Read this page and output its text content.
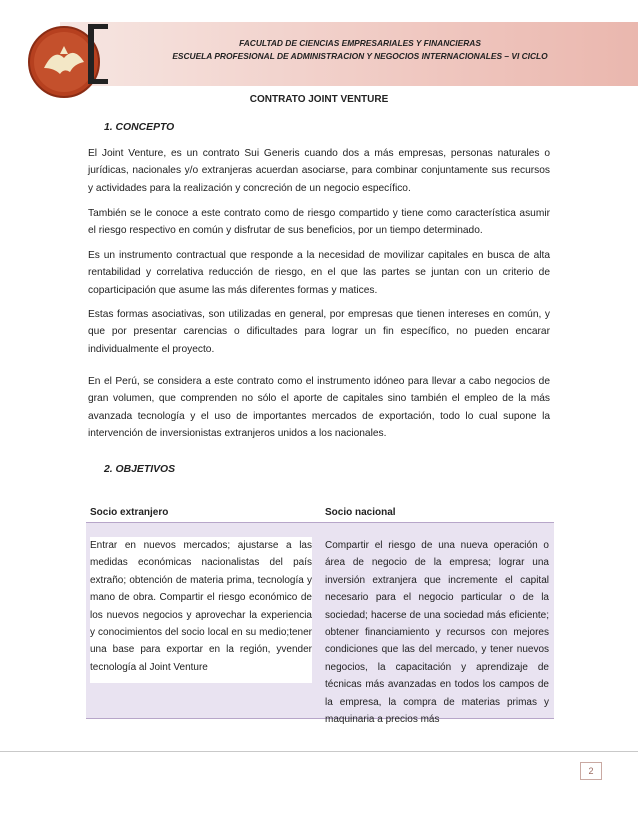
FACULTAD DE CIENCIAS EMPRESARIALES Y FINANCIERAS
ESCUELA PROFESIONAL DE ADMINISTRACION Y NEGOCIOS INTERNACIONALES – VI CICLO
CONTRATO JOINT VENTURE
1. CONCEPTO
El Joint Venture, es un contrato Sui Generis cuando dos a más empresas, personas naturales o jurídicas, nacionales y/o extranjeras acuerdan asociarse, para combinar conjuntamente sus recursos y actividades para la realización y concreción de un negocio específico.
También se le conoce a este contrato como de riesgo compartido y tiene como característica asumir el riesgo respectivo en común y disfrutar de sus beneficios, por un tiempo determinado.
Es un instrumento contractual que responde a la necesidad de movilizar capitales en busca de alta rentabilidad y correlativa reducción de riesgo, en el que las partes se juntan con un criterio de coparticipación que asume las más diferentes formas y matices.
Estas formas asociativas, son utilizadas en general, por empresas que tienen intereses en común, y que por presentar carencias o dificultades para lograr un fin específico, no pueden encarar individualmente el proyecto.
En el Perú, se considera a este contrato como el instrumento idóneo para llevar a cabo negocios de gran volumen, que comprenden no sólo el aporte de capitales sino también el empleo de la más avanzada tecnología y el uso de importantes mercados de exportación, todo lo cual supone la intervención de inversionistas extranjeros unidos a los nacionales.
2. OBJETIVOS
Socio extranjero	Socio nacional
Entrar en nuevos mercados; ajustarse a las medidas económicas nacionalistas del país extraño; obtención de materia prima, tecnología y mano de obra. Compartir el riesgo económico de los nuevos negocios y aprovechar la experiencia y conocimientos del socio local en su medio;tener una base para exportar en la región, yvender tecnología al Joint Venture
Compartir el riesgo de una nueva operación o área de negocio de la empresa; lograr una inversión extranjera que incremente el capital necesario para el negocio particular o de la sociedad; hacerse de una sociedad más eficiente; obtener financiamiento y recursos con mejores condiciones que las del mercado, y tener nuevos negocios, la capacitación y aprendizaje de técnicas más avanzadas en todos los campos de la empresa, la compra de materias primas y maquinaria a precios más
2
